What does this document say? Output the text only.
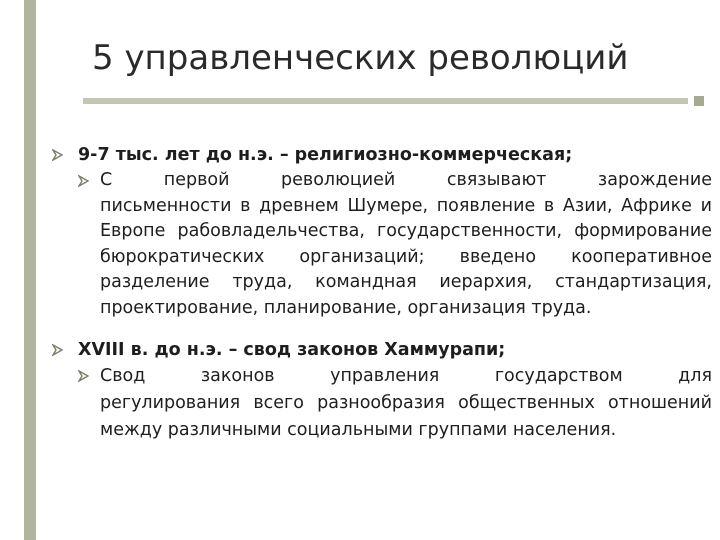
5 управленческих революций
9-7 тыс. лет до н.э. – религиозно-коммерческая;
С первой революцией связывают зарождение
письменности в древнем Шумере, появление в Азии, Африке и Европе рабовладельчества, государственности, формирование бюрократических организаций; введено кооперативное разделение труда, командная иерархия, стандартизация, проектирование, планирование, организация труда.
XVIII в. до н.э. – свод законов Хаммурапи;
Свод законов управления государством для
регулирования всего разнообразия общественных отношений между различными социальными группами населения.
